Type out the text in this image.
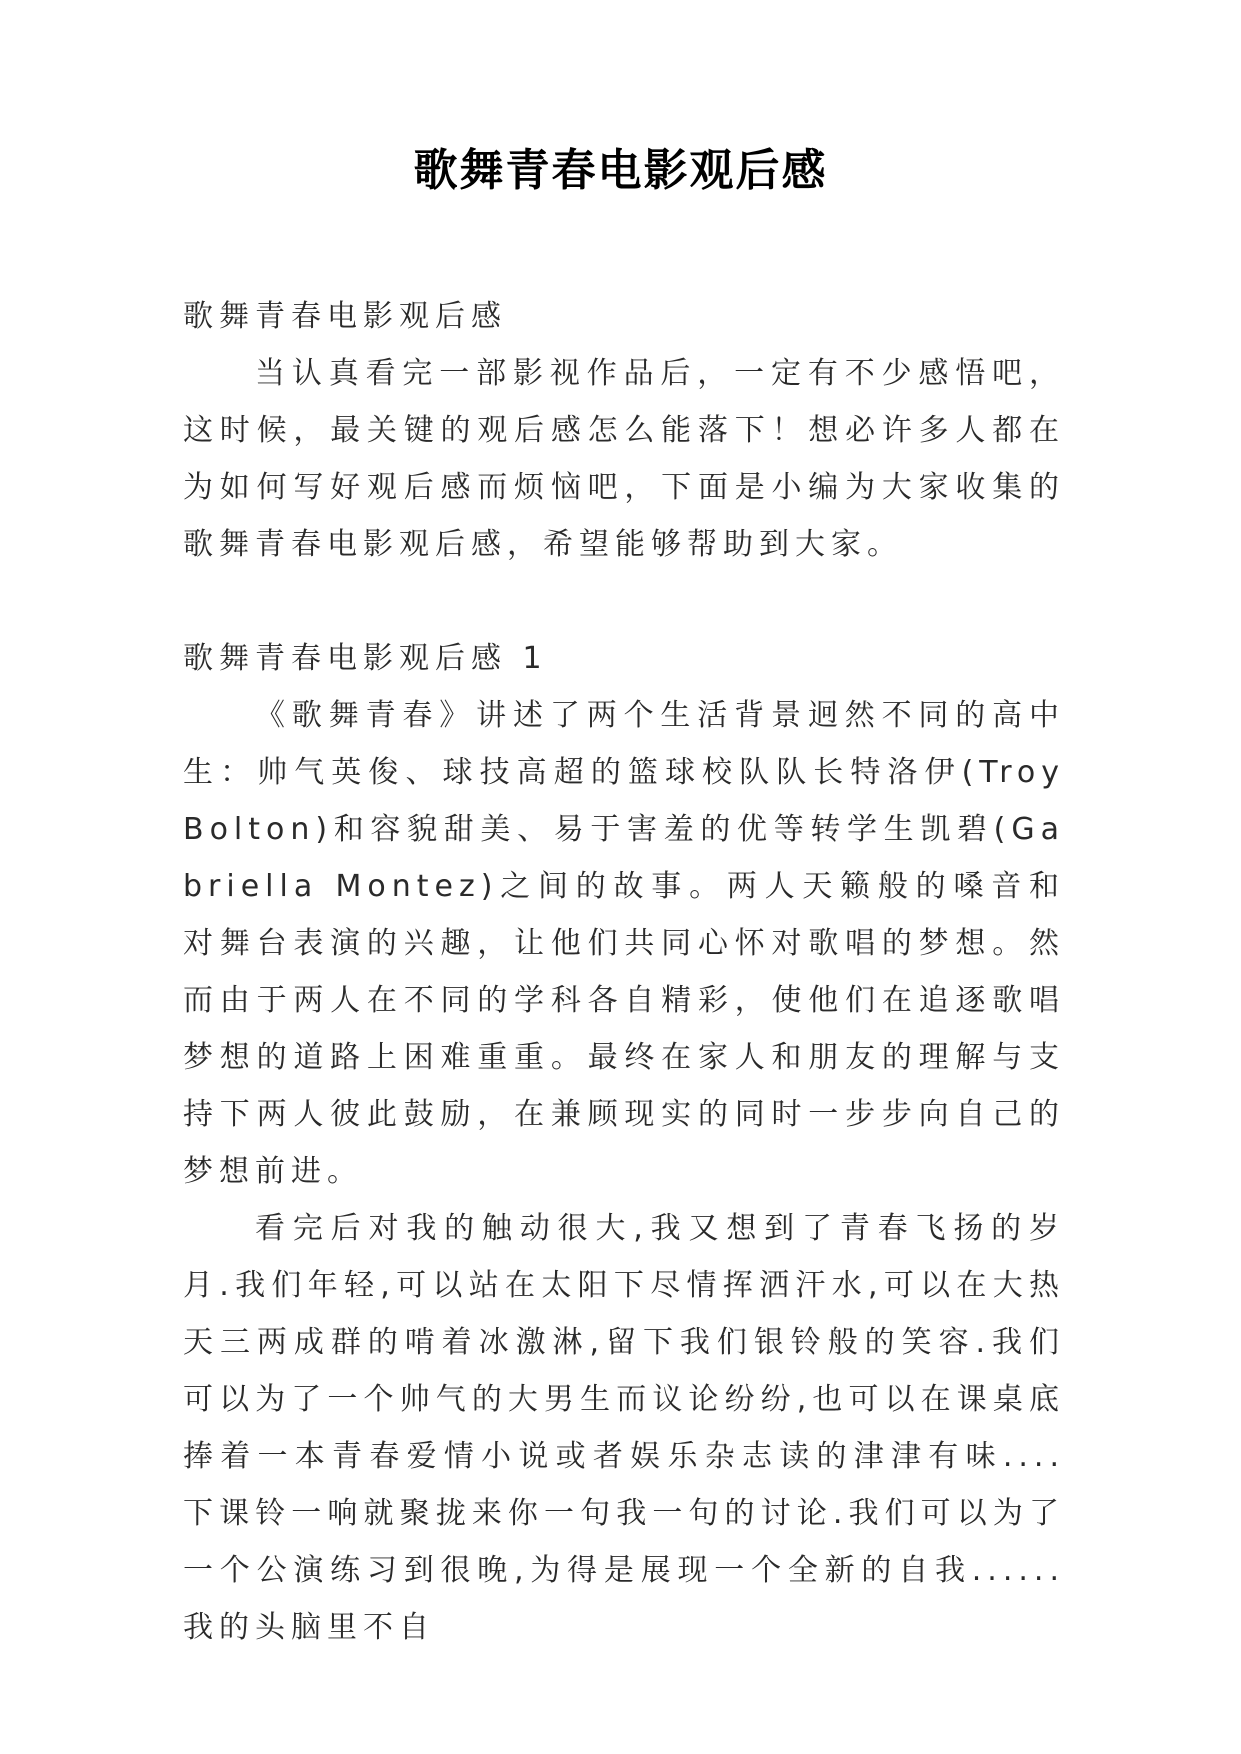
歌舞青春电影观后感
歌舞青春电影观后感

当认真看完一部影视作品后，一定有不少感悟吧，这时候，最关键的观后感怎么能落下！想必许多人都在为如何写好观后感而烦恼吧，下面是小编为大家收集的歌舞青春电影观后感，希望能够帮助到大家。

歌舞青春电影观后感 1

《歌舞青春》讲述了两个生活背景迥然不同的高中生：帅气英俊、球技高超的篮球校队队长特洛伊(TroyBolton)和容貌甜美、易于害羞的优等转学生凯碧(Gabriella Montez)之间的故事。两人天籁般的嗓音和对舞台表演的兴趣，让他们共同心怀对歌唱的梦想。然而由于两人在不同的学科各自精彩，使他们在追逐歌唱梦想的道路上困难重重。最终在家人和朋友的理解与支持下两人彼此鼓励，在兼顾现实的同时一步步向自己的梦想前进。

看完后对我的触动很大,我又想到了青春飞扬的岁月.我们年轻,可以站在太阳下尽情挥洒汗水,可以在大热天三两成群的啃着冰激淋,留下我们银铃般的笑容.我们可以为了一个帅气的大男生而议论纷纷,也可以在课桌底捧着一本青春爱情小说或者娱乐杂志读的津津有味....下课铃一响就聚拢来你一句我一句的讨论.我们可以为了一个公演练习到很晚,为得是展现一个全新的自我......我的头脑里不自
